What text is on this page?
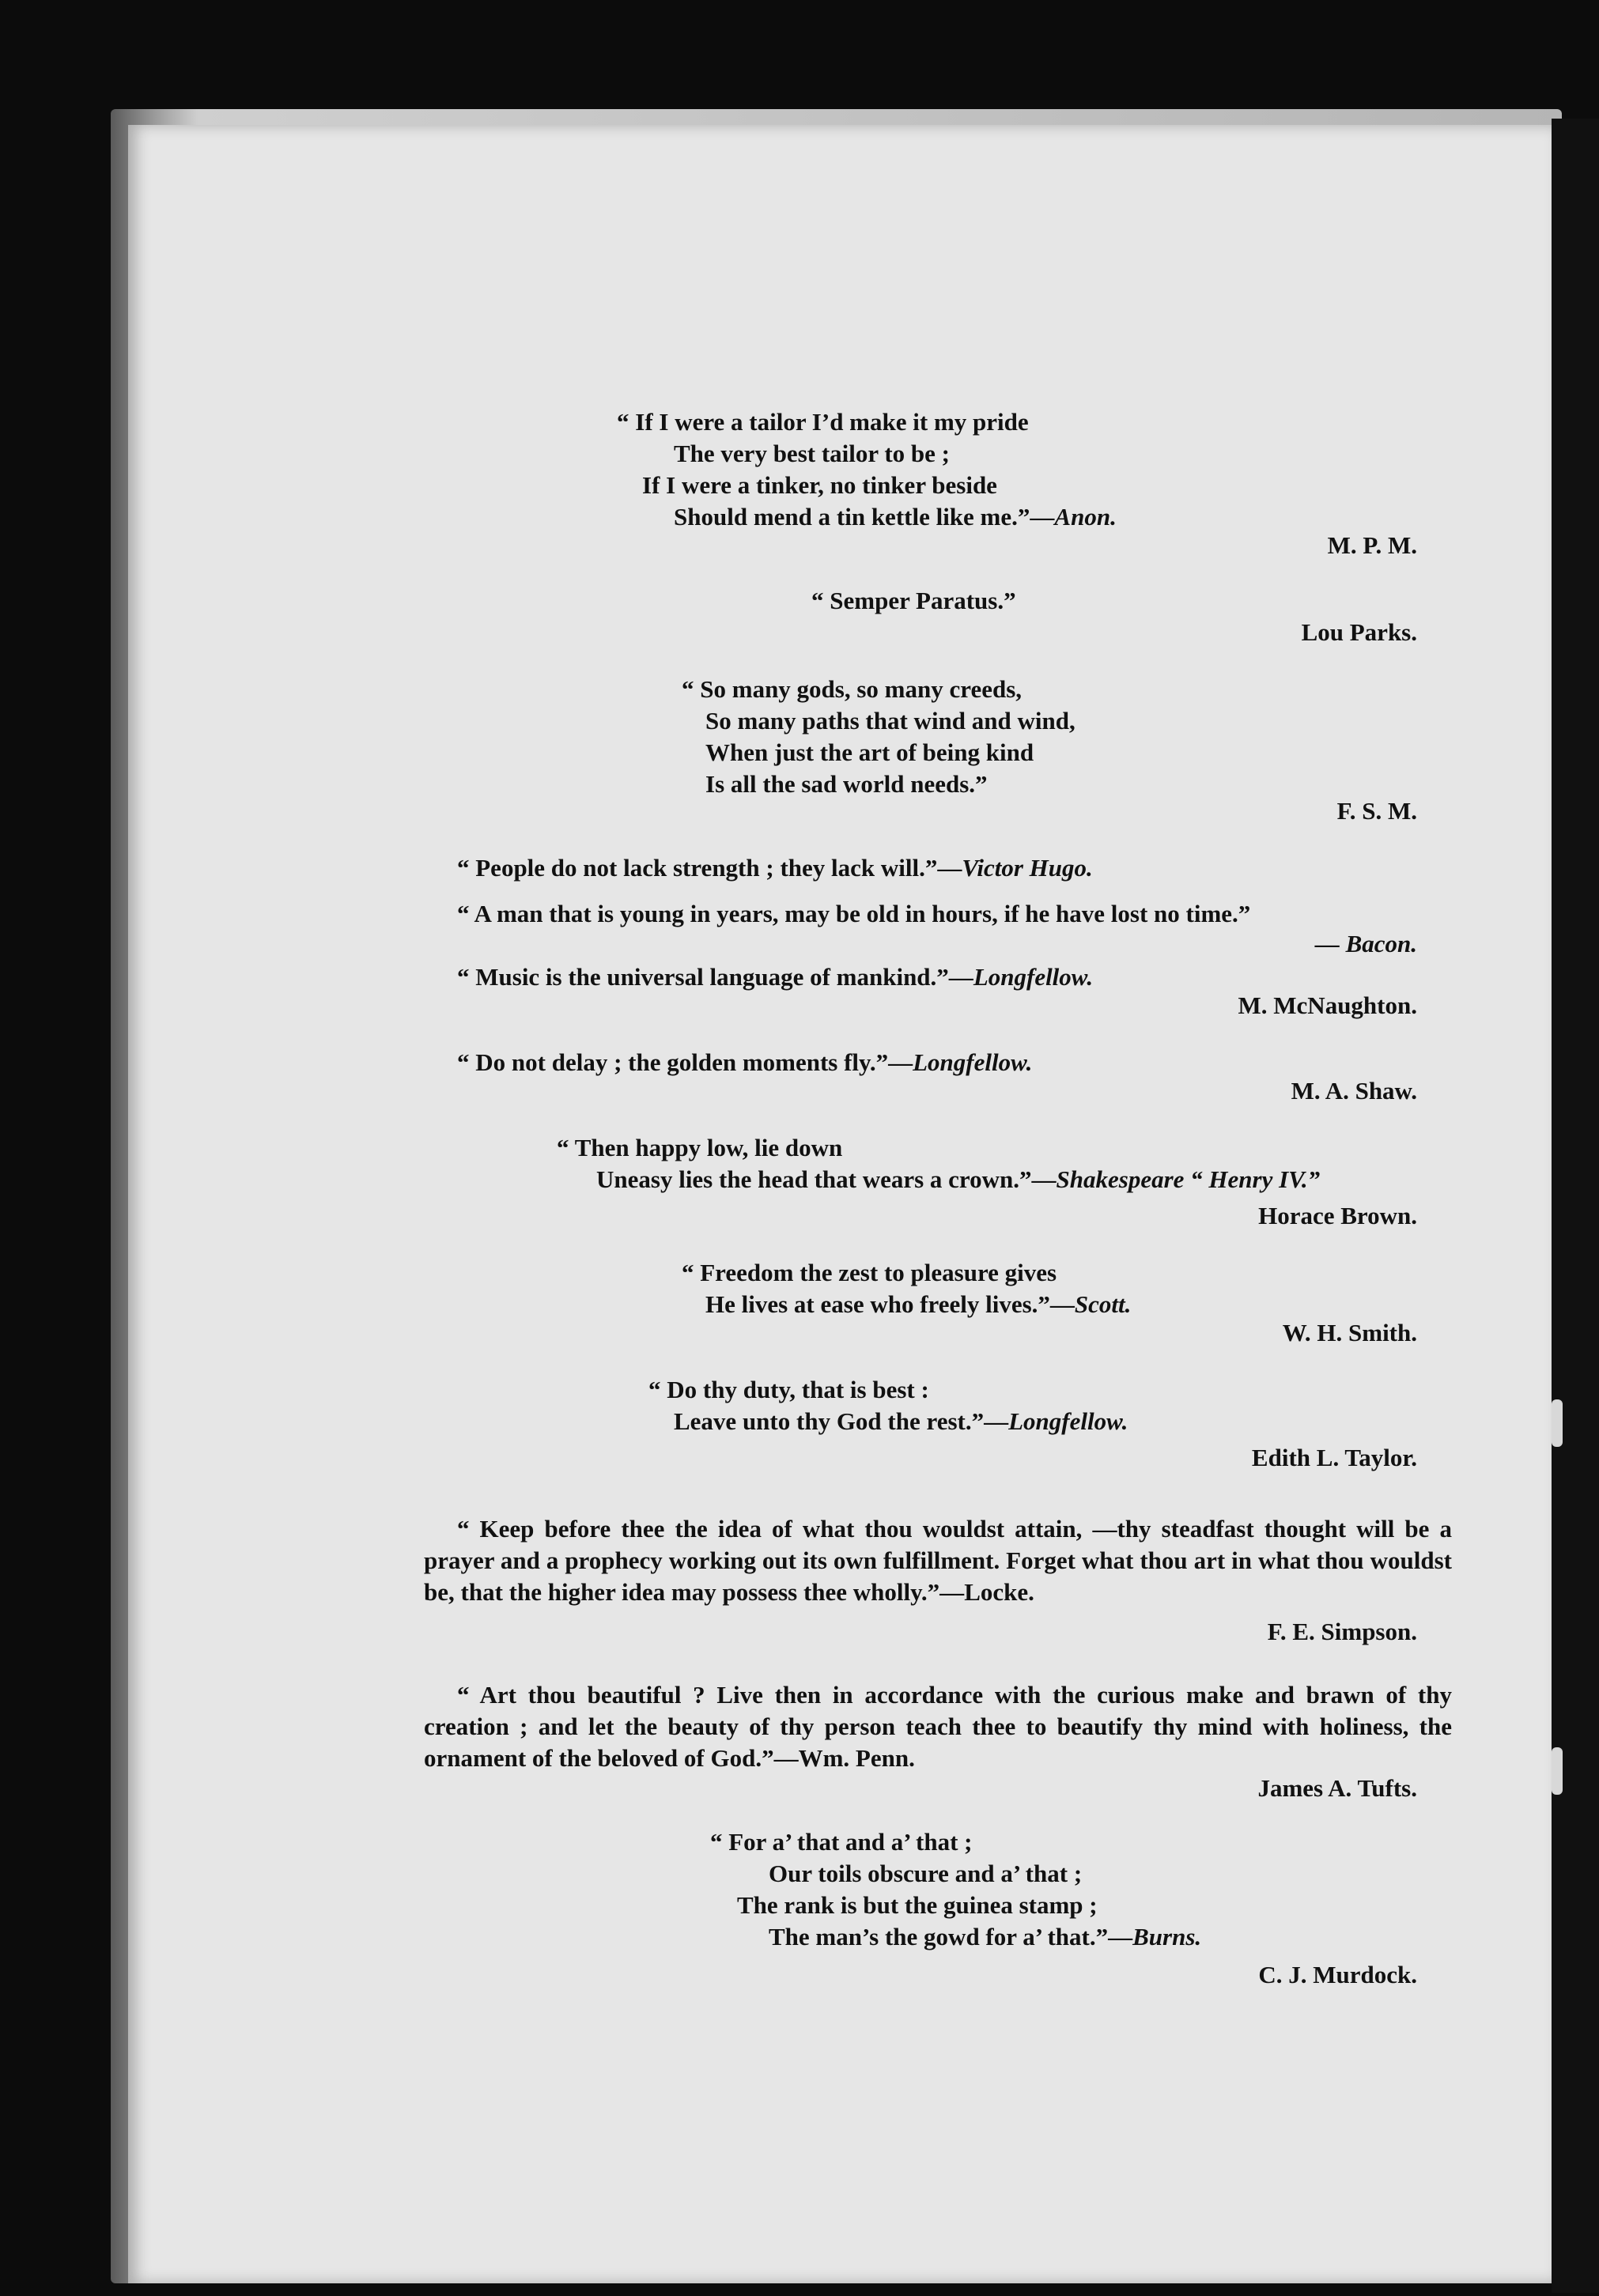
“ If I were a tailor I’d make it my pride
The very best tailor to be ;
If I were a tinker, no tinker beside
Should mend a tin kettle like me.”—Anon.
M. P. M.
“ Semper Paratus.”
Lou Parks.
“ So many gods, so many creeds,
So many paths that wind and wind,
When just the art of being kind
Is all the sad world needs.”
F. S. M.
“ People do not lack strength ; they lack will.”—Victor Hugo.
“ A man that is young in years, may be old in hours, if he have lost no time.”
— Bacon.
“ Music is the universal language of mankind.”—Longfellow.
M. McNaughton.
“ Do not delay ; the golden moments fly.”—Longfellow.
M. A. Shaw.
“ Then happy low, lie down
Uneasy lies the head that wears a crown.”—Shakespeare “ Henry IV.”
Horace Brown.
“ Freedom the zest to pleasure gives
He lives at ease who freely lives.”—Scott.
W. H. Smith.
“ Do thy duty, that is best :
Leave unto thy God the rest.”—Longfellow.
Edith L. Taylor.
“ Keep before thee the idea of what thou wouldst attain, —thy steadfast thought will be a prayer and a prophecy working out its own fulfillment. Forget what thou art in what thou wouldst be, that the higher idea may possess thee wholly.”—Locke.
F. E. Simpson.
“ Art thou beautiful ? Live then in accordance with the curious make and brawn of thy creation ; and let the beauty of thy person teach thee to beautify thy mind with holiness, the ornament of the beloved of God.”—Wm. Penn.
James A. Tufts.
“ For a’ that and a’ that ;
Our toils obscure and a’ that ;
The rank is but the guinea stamp ;
The man’s the gowd for a’ that.”—Burns.
C. J. Murdock.
